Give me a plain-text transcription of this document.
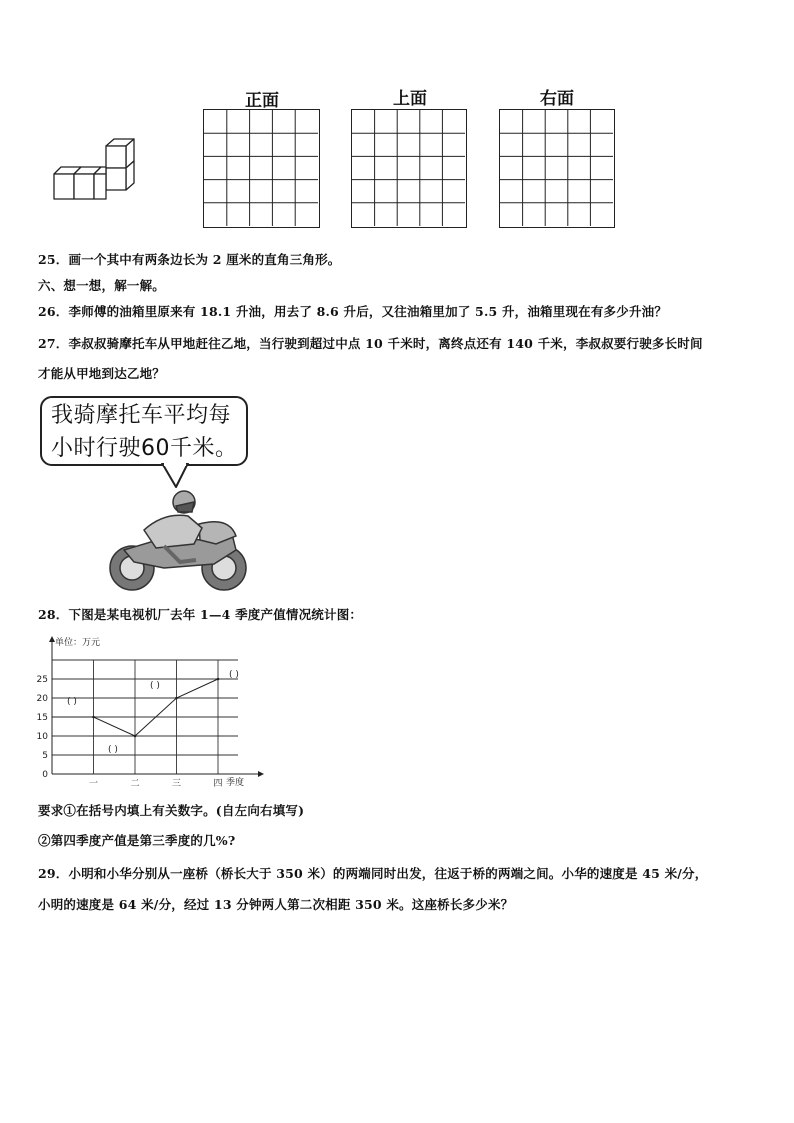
正面	上面	右面
25．画一个其中有两条边长为 2 厘米的直角三角形。
六、想一想，解一解。
26．李师傅的油箱里原来有 18.1 升油，用去了 8.6 升后，又往油箱里加了 5.5 升，油箱里现在有多少升油？
27．李叔叔骑摩托车从甲地赶往乙地，当行驶到超过中点 10 千米时，离终点还有 140 千米，李叔叔要行驶多长时间
才能从甲地到达乙地？
我骑摩托车平均每
小时行驶60千米。
28．下图是某电视机厂去年 1—4 季度产值情况统计图：
0
5
10
15
20
25
一	二	三	四
单位：万元
季度
( )
( )
( )
( )
要求①在括号内填上有关数字。(自左向右填写)
②第四季度产值是第三季度的几%?
29．小明和小华分别从一座桥（桥长大于 350 米）的两端同时出发，往返于桥的两端之间。小华的速度是 45 米/分，
小明的速度是 64 米/分，经过 13 分钟两人第二次相距 350 米。这座桥长多少米？
